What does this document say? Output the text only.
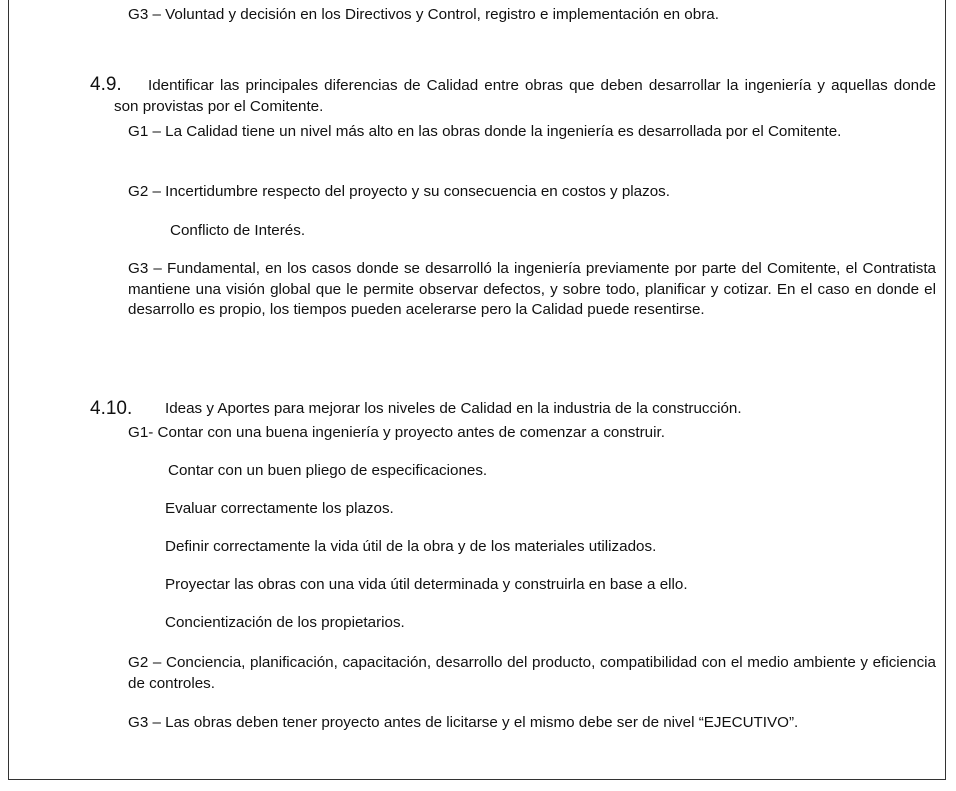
G3 – Voluntad y decisión en los Directivos y Control, registro e implementación en obra.
4.9.	Identificar las principales diferencias de Calidad entre obras que deben desarrollar la ingeniería y aquellas donde son provistas por el Comitente.
G1 – La Calidad tiene un nivel más alto en las obras donde la ingeniería es desarrollada por el Comitente.
G2 – Incertidumbre respecto del proyecto y su consecuencia en costos y plazos.
Conflicto de Interés.
G3 – Fundamental, en los casos donde se desarrolló la ingeniería previamente por parte del Comitente, el Contratista mantiene una visión global que le permite observar defectos, y sobre todo, planificar y cotizar. En el caso en donde el desarrollo es propio, los tiempos pueden acelerarse pero la Calidad puede resentirse.
4.10. Ideas y Aportes para mejorar los niveles de Calidad en la industria de la construcción.
G1- Contar con una buena ingeniería y proyecto antes de comenzar a construir.
Contar con un buen pliego de especificaciones.
Evaluar correctamente los plazos.
Definir correctamente la vida útil de la obra y de los materiales utilizados.
Proyectar las obras con una vida útil determinada y construirla en base a ello.
Concientización de los propietarios.
G2 – Conciencia, planificación, capacitación, desarrollo del producto, compatibilidad con el medio ambiente y eficiencia de controles.
G3 – Las obras deben tener proyecto antes de licitarse y el mismo debe ser de nivel “EJECUTIVO”.
